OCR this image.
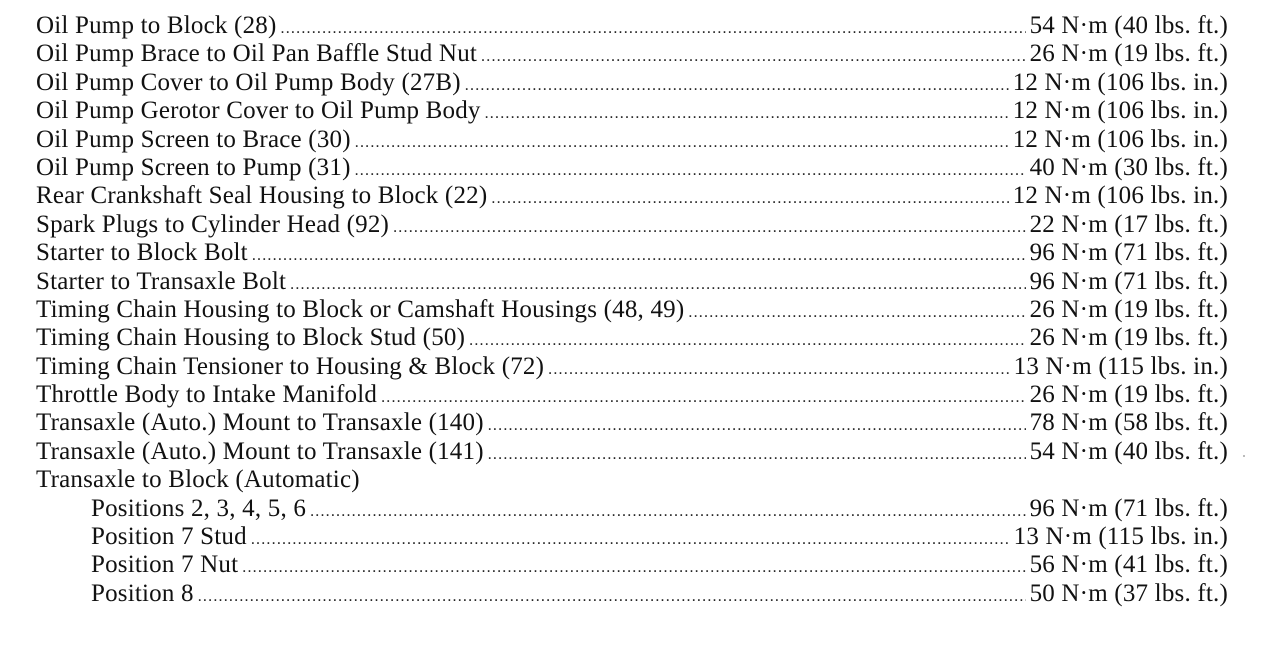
Oil Pump to Block (28) .....	54 N·m (40 lbs. ft.)
Oil Pump Brace to Oil Pan Baffle Stud Nut .....	26 N·m (19 lbs. ft.)
Oil Pump Cover to Oil Pump Body (27B) .....	12 N·m (106 lbs. in.)
Oil Pump Gerotor Cover to Oil Pump Body .....	12 N·m (106 lbs. in.)
Oil Pump Screen to Brace (30) .....	12 N·m (106 lbs. in.)
Oil Pump Screen to Pump (31) .....	40 N·m (30 lbs. ft.)
Rear Crankshaft Seal Housing to Block (22) .....	12 N·m (106 lbs. in.)
Spark Plugs to Cylinder Head (92) .....	22 N·m (17 lbs. ft.)
Starter to Block Bolt .....	96 N·m (71 lbs. ft.)
Starter to Transaxle Bolt .....	96 N·m (71 lbs. ft.)
Timing Chain Housing to Block or Camshaft Housings (48, 49) .....	26 N·m (19 lbs. ft.)
Timing Chain Housing to Block Stud (50) .....	26 N·m (19 lbs. ft.)
Timing Chain Tensioner to Housing & Block (72) .....	13 N·m (115 lbs. in.)
Throttle Body to Intake Manifold .....	26 N·m (19 lbs. ft.)
Transaxle (Auto.) Mount to Transaxle (140) .....	78 N·m (58 lbs. ft.)
Transaxle (Auto.) Mount to Transaxle (141) .....	54 N·m (40 lbs. ft.)
Transaxle to Block (Automatic)
Positions 2, 3, 4, 5, 6 .....	96 N·m (71 lbs. ft.)
Position 7 Stud .....	13 N·m (115 lbs. in.)
Position 7 Nut .....	56 N·m (41 lbs. ft.)
Position 8 .....	50 N·m (37 lbs. ft.)
